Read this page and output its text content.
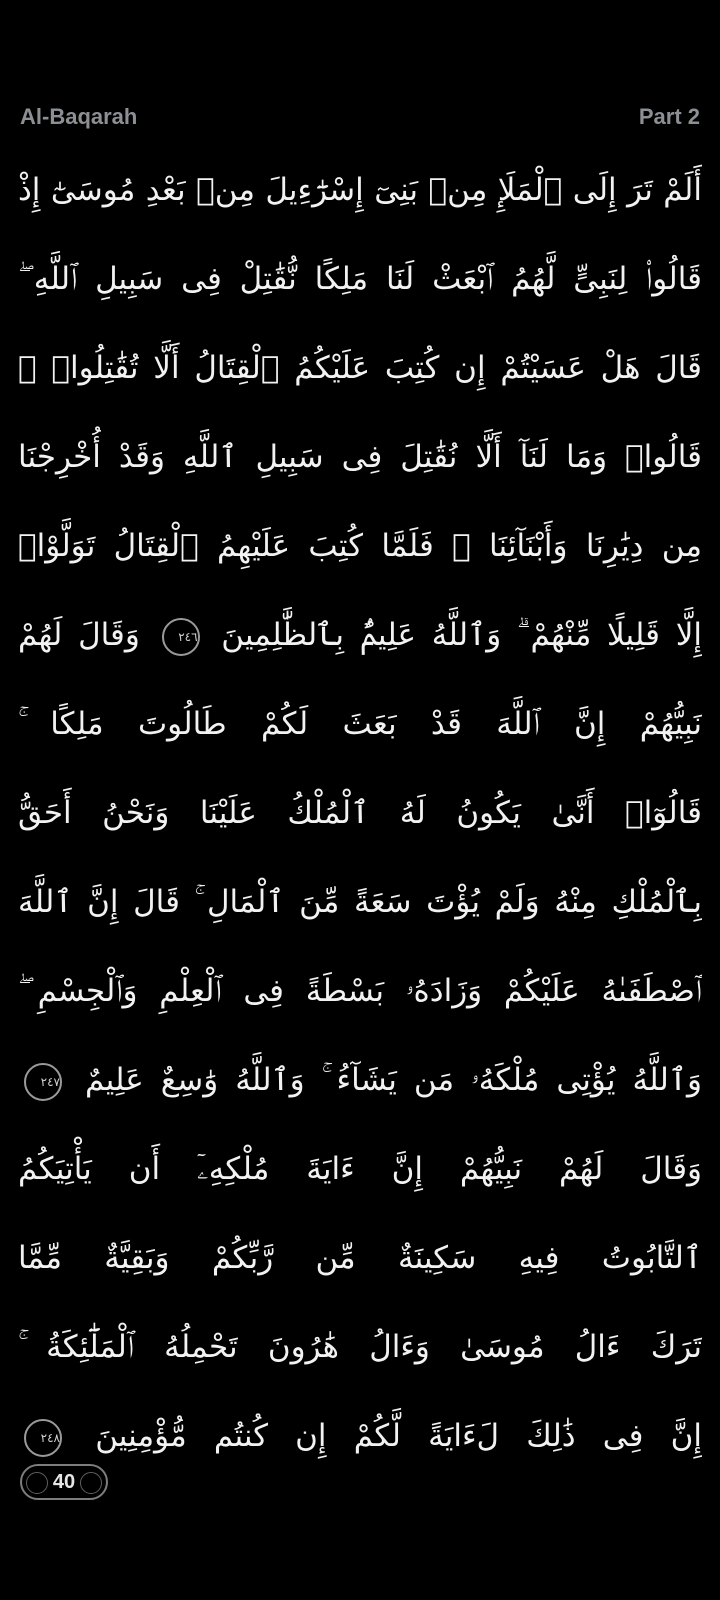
Al-Baqarah	Part 2
أَلَمْ تَرَ إِلَى ٱلْمَلَإِ مِنۢ بَنِىٓ إِسْرَٰٓءِيلَ مِنۢ بَعْدِ مُوسَىٰٓ إِذْ
قَالُوا۟ لِنَبِىٍّ لَّهُمُ ٱبْعَثْ لَنَا مَلِكًا نُّقَٰتِلْ فِى سَبِيلِ ٱللَّهِ ۖ
قَالَ هَلْ عَسَيْتُمْ إِن كُتِبَ عَلَيْكُمُ ٱلْقِتَالُ أَلَّا تُقَٰتِلُوا۟ ۖ
قَالُوا۟ وَمَا لَنَآ أَلَّا نُقَٰتِلَ فِى سَبِيلِ ٱللَّهِ وَقَدْ أُخْرِجْنَا
مِن دِيَٰرِنَا وَأَبْنَآئِنَا ۖ فَلَمَّا كُتِبَ عَلَيْهِمُ ٱلْقِتَالُ تَوَلَّوْا۟
إِلَّا قَلِيلًا مِّنْهُمْ ۗ وَٱللَّهُ عَلِيمٌۢ بِٱلظَّٰلِمِينَ ٢٤٦ وَقَالَ لَهُمْ
نَبِيُّهُمْ إِنَّ ٱللَّهَ قَدْ بَعَثَ لَكُمْ طَالُوتَ مَلِكًا ۚ
قَالُوٓا۟ أَنَّىٰ يَكُونُ لَهُ ٱلْمُلْكُ عَلَيْنَا وَنَحْنُ أَحَقُّ
بِٱلْمُلْكِ مِنْهُ وَلَمْ يُؤْتَ سَعَةً مِّنَ ٱلْمَالِ ۚ قَالَ إِنَّ ٱللَّهَ
ٱصْطَفَىٰهُ عَلَيْكُمْ وَزَادَهُۥ بَسْطَةً فِى ٱلْعِلْمِ وَٱلْجِسْمِ ۖ
وَٱللَّهُ يُؤْتِى مُلْكَهُۥ مَن يَشَآءُ ۚ وَٱللَّهُ وَٰسِعٌ عَلِيمٌ ٢٤٧
وَقَالَ لَهُمْ نَبِيُّهُمْ إِنَّ ءَايَةَ مُلْكِهِۦٓ أَن يَأْتِيَكُمُ
ٱلتَّابُوتُ فِيهِ سَكِينَةٌ مِّن رَّبِّكُمْ وَبَقِيَّةٌ مِّمَّا
تَرَكَ ءَالُ مُوسَىٰ وَءَالُ هَٰرُونَ تَحْمِلُهُ ٱلْمَلَٰٓئِكَةُ ۚ
إِنَّ فِى ذَٰلِكَ لَءَايَةً لَّكُمْ إِن كُنتُم مُّؤْمِنِينَ ٢٤٨
40
